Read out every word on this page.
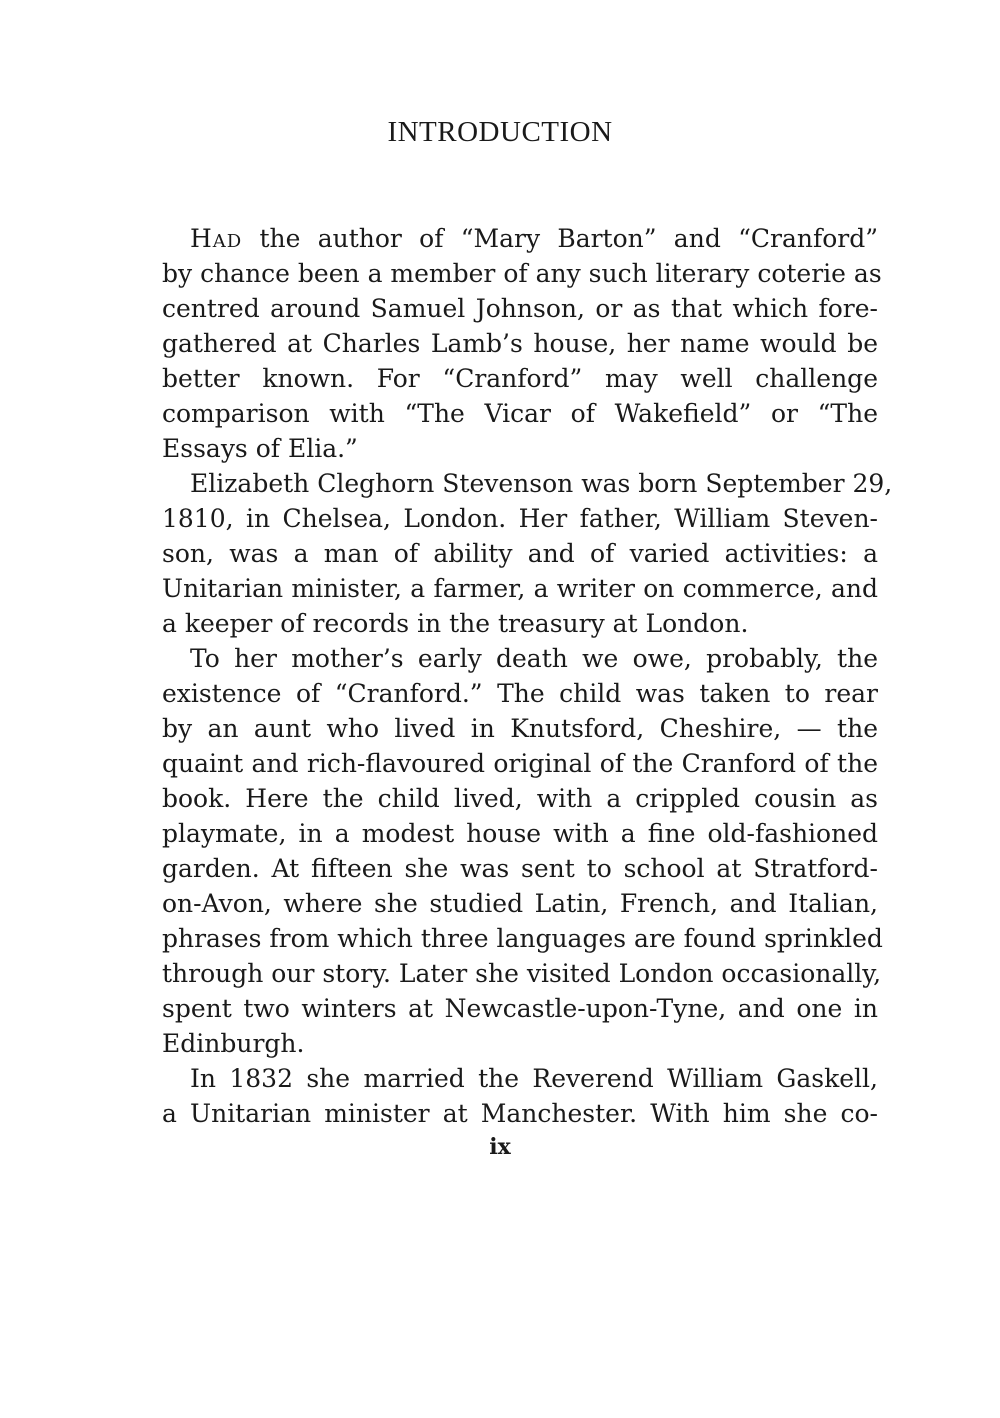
INTRODUCTION
Had the author of “Mary Barton” and “Cranford”
by chance been a member of any such literary coterie as
centred around Samuel Johnson, or as that which fore-
gathered at Charles Lamb’s house, her name would be
better known. For “Cranford” may well challenge
comparison with “The Vicar of Wakefield” or “The
Essays of Elia.”
Elizabeth Cleghorn Stevenson was born September 29,
1810, in Chelsea, London. Her father, William Steven-
son, was a man of ability and of varied activities: a
Unitarian minister, a farmer, a writer on commerce, and
a keeper of records in the treasury at London.
To her mother’s early death we owe, probably, the
existence of “Cranford.” The child was taken to rear
by an aunt who lived in Knutsford, Cheshire, — the
quaint and rich-flavoured original of the Cranford of the
book. Here the child lived, with a crippled cousin as
playmate, in a modest house with a fine old-fashioned
garden. At fifteen she was sent to school at Stratford-
on-Avon, where she studied Latin, French, and Italian,
phrases from which three languages are found sprinkled
through our story. Later she visited London occasionally,
spent two winters at Newcastle-upon-Tyne, and one in
Edinburgh.
In 1832 she married the Reverend William Gaskell,
a Unitarian minister at Manchester. With him she co-
ix
